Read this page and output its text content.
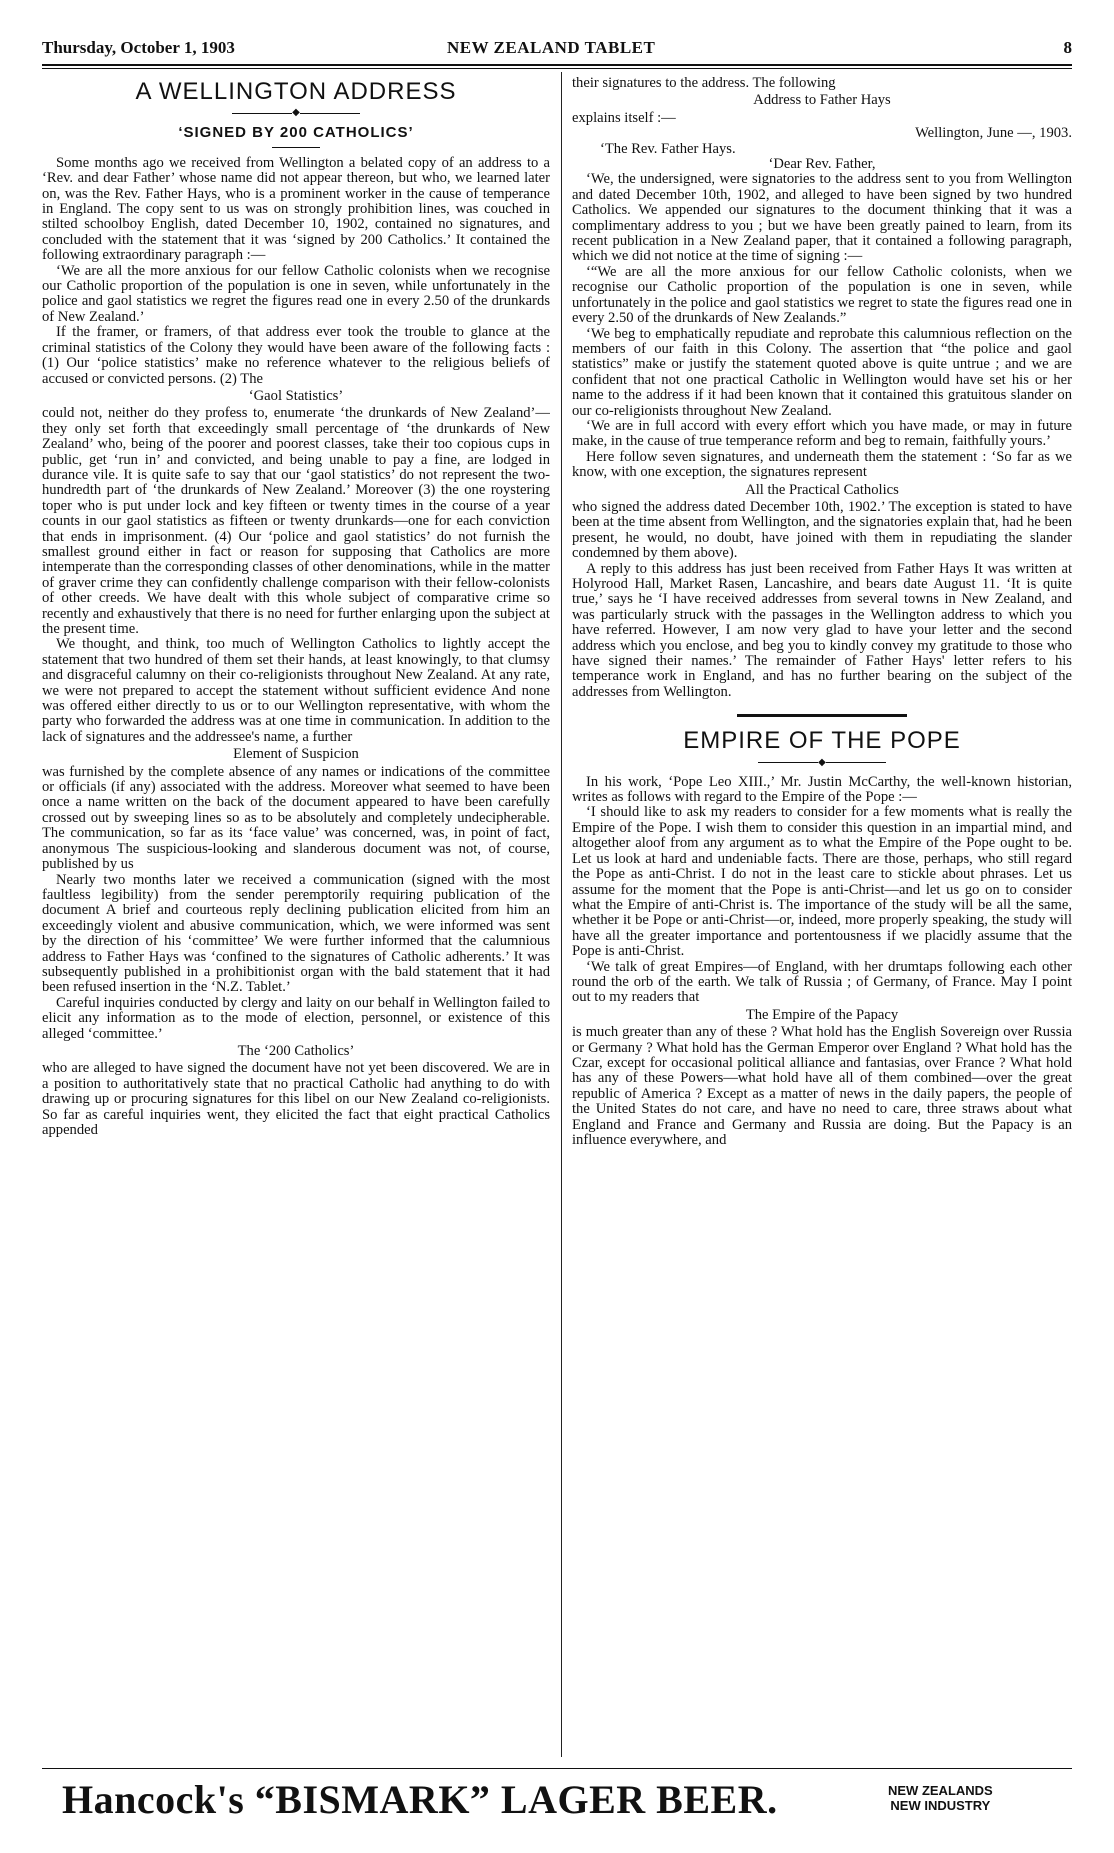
Thursday, October 1, 1903	NEW ZEALAND TABLET	8
A WELLINGTON ADDRESS
◆
‘SIGNED BY 200 CATHOLICS’

Some months ago we received from Wellington a belated copy of an address to a ‘Rev. and dear Father’ whose name did not appear thereon, but who, we learned later on, was the Rev. Father Hays, who is a prominent worker in the cause of temperance in England. The copy sent to us was on strongly prohibition lines, was couched in stilted schoolboy English, dated December 10, 1902, contained no signatures, and concluded with the statement that it was ‘signed by 200 Catholics.’ It contained the following extraordinary paragraph :—

‘We are all the more anxious for our fellow Catholic colonists when we recognise our Catholic proportion of the population is one in seven, while unfortunately in the police and gaol statistics we regret the figures read one in every 2.50 of the drunkards of New Zealand.’

If the framer, or framers, of that address ever took the trouble to glance at the criminal statistics of the Colony they would have been aware of the following facts : (1) Our ‘police statistics’ make no reference whatever to the religious beliefs of accused or convicted persons. (2) The

‘Gaol Statistics’

could not, neither do they profess to, enumerate ‘the drunkards of New Zealand’—they only set forth that exceedingly small percentage of ‘the drunkards of New Zealand’ who, being of the poorer and poorest classes, take their too copious cups in public, get ‘run in’ and convicted, and being unable to pay a fine, are lodged in durance vile. It is quite safe to say that our ‘gaol statistics’ do not represent the two-hundredth part of ‘the drunkards of New Zealand.’ Moreover (3) the one roystering toper who is put under lock and key fifteen or twenty times in the course of a year counts in our gaol statistics as fifteen or twenty drunkards—one for each conviction that ends in imprisonment. (4) Our ‘police and gaol statistics’ do not furnish the smallest ground either in fact or reason for supposing that Catholics are more intemperate than the corresponding classes of other denominations, while in the matter of graver crime they can confidently challenge comparison with their fellow-colonists of other creeds. We have dealt with this whole subject of comparative crime so recently and exhaustively that there is no need for further enlarging upon the subject at the present time.

We thought, and think, too much of Wellington Catholics to lightly accept the statement that two hundred of them set their hands, at least knowingly, to that clumsy and disgraceful calumny on their co-religionists throughout New Zealand. At any rate, we were not prepared to accept the statement without sufficient evidence And none was offered either directly to us or to our Wellington representative, with whom the party who forwarded the address was at one time in communication. In addition to the lack of signatures and the addressee's name, a further

Element of Suspicion

was furnished by the complete absence of any names or indications of the committee or officials (if any) associated with the address. Moreover what seemed to have been once a name written on the back of the document appeared to have been carefully crossed out by sweeping lines so as to be absolutely and completely undecipherable. The communication, so far as its ‘face value’ was concerned, was, in point of fact, anonymous The suspicious-looking and slanderous document was not, of course, published by us

Nearly two months later we received a communication (signed with the most faultless legibility) from the sender peremptorily requiring publication of the document A brief and courteous reply declining publication elicited from him an exceedingly violent and abusive communication, which, we were informed was sent by the direction of his ‘committee’ We were further informed that the calumnious address to Father Hays was ‘confined to the signatures of Catholic adherents.’ It was subsequently published in a prohibitionist organ with the bald statement that it had been refused insertion in the ‘N.Z. Tablet.’

Careful inquiries conducted by clergy and laity on our behalf in Wellington failed to elicit any information as to the mode of election, personnel, or existence of this alleged ‘committee.’

The ‘200 Catholics’

who are alleged to have signed the document have not yet been discovered. We are in a position to authoritatively state that no practical Catholic had anything to do with drawing up or procuring signatures for this libel on our New Zealand co-religionists. So far as careful inquiries went, they elicited the fact that eight practical Catholics appended

their signatures to the address. The following

Address to Father Hays

explains itself :—

Wellington, June —, 1903.
‘The Rev. Father Hays.
‘Dear Rev. Father,

‘We, the undersigned, were signatories to the address sent to you from Wellington and dated December 10th, 1902, and alleged to have been signed by two hundred Catholics. We appended our signatures to the document thinking that it was a complimentary address to you ; but we have been greatly pained to learn, from its recent publication in a New Zealand paper, that it contained a following paragraph, which we did not notice at the time of signing :—

‘“We are all the more anxious for our fellow Catholic colonists, when we recognise our Catholic proportion of the population is one in seven, while unfortunately in the police and gaol statistics we regret to state the figures read one in every 2.50 of the drunkards of New Zealands.”

‘We beg to emphatically repudiate and reprobate this calumnious reflection on the members of our faith in this Colony. The assertion that “the police and gaol statistics” make or justify the statement quoted above is quite untrue ; and we are confident that not one practical Catholic in Wellington would have set his or her name to the address if it had been known that it contained this gratuitous slander on our co-religionists throughout New Zealand.

‘We are in full accord with every effort which you have made, or may in future make, in the cause of true temperance reform and beg to remain, faithfully yours.’

Here follow seven signatures, and underneath them the statement : ‘So far as we know, with one exception, the signatures represent

All the Practical Catholics

who signed the address dated December 10th, 1902.’ The exception is stated to have been at the time absent from Wellington, and the signatories explain that, had he been present, he would, no doubt, have joined with them in repudiating the slander condemned by them above).

A reply to this address has just been received from Father Hays It was written at Holyrood Hall, Market Rasen, Lancashire, and bears date August 11. ‘It is quite true,’ says he ‘I have received addresses from several towns in New Zealand, and was particularly struck with the passages in the Wellington address to which you have referred. However, I am now very glad to have your letter and the second address which you enclose, and beg you to kindly convey my gratitude to those who have signed their names.’ The remainder of Father Hays' letter refers to his temperance work in England, and has no further bearing on the subject of the addresses from Wellington.

EMPIRE OF THE POPE
◆

In his work, ‘Pope Leo XIII.,’ Mr. Justin McCarthy, the well-known historian, writes as follows with regard to the Empire of the Pope :—

‘I should like to ask my readers to consider for a few moments what is really the Empire of the Pope. I wish them to consider this question in an impartial mind, and altogether aloof from any argument as to what the Empire of the Pope ought to be. Let us look at hard and undeniable facts. There are those, perhaps, who still regard the Pope as anti-Christ. I do not in the least care to stickle about phrases. Let us assume for the moment that the Pope is anti-Christ—and let us go on to consider what the Empire of anti-Christ is. The importance of the study will be all the same, whether it be Pope or anti-Christ—or, indeed, more properly speaking, the study will have all the greater importance and portentousness if we placidly assume that the Pope is anti-Christ.

‘We talk of great Empires—of England, with her drumtaps following each other round the orb of the earth. We talk of Russia ; of Germany, of France. May I point out to my readers that

The Empire of the Papacy

is much greater than any of these ? What hold has the English Sovereign over Russia or Germany ? What hold has the German Emperor over England ? What hold has the Czar, except for occasional political alliance and fantasias, over France ? What hold has any of these Powers—what hold have all of them combined—over the great republic of America ? Except as a matter of news in the daily papers, the people of the United States do not care, and have no need to care, three straws about what England and France and Germany and Russia are doing. But the Papacy is an influence everywhere, and

Hancock's “BISMARK” LAGER BEER.	NEW ZEALANDS
NEW INDUSTRY
